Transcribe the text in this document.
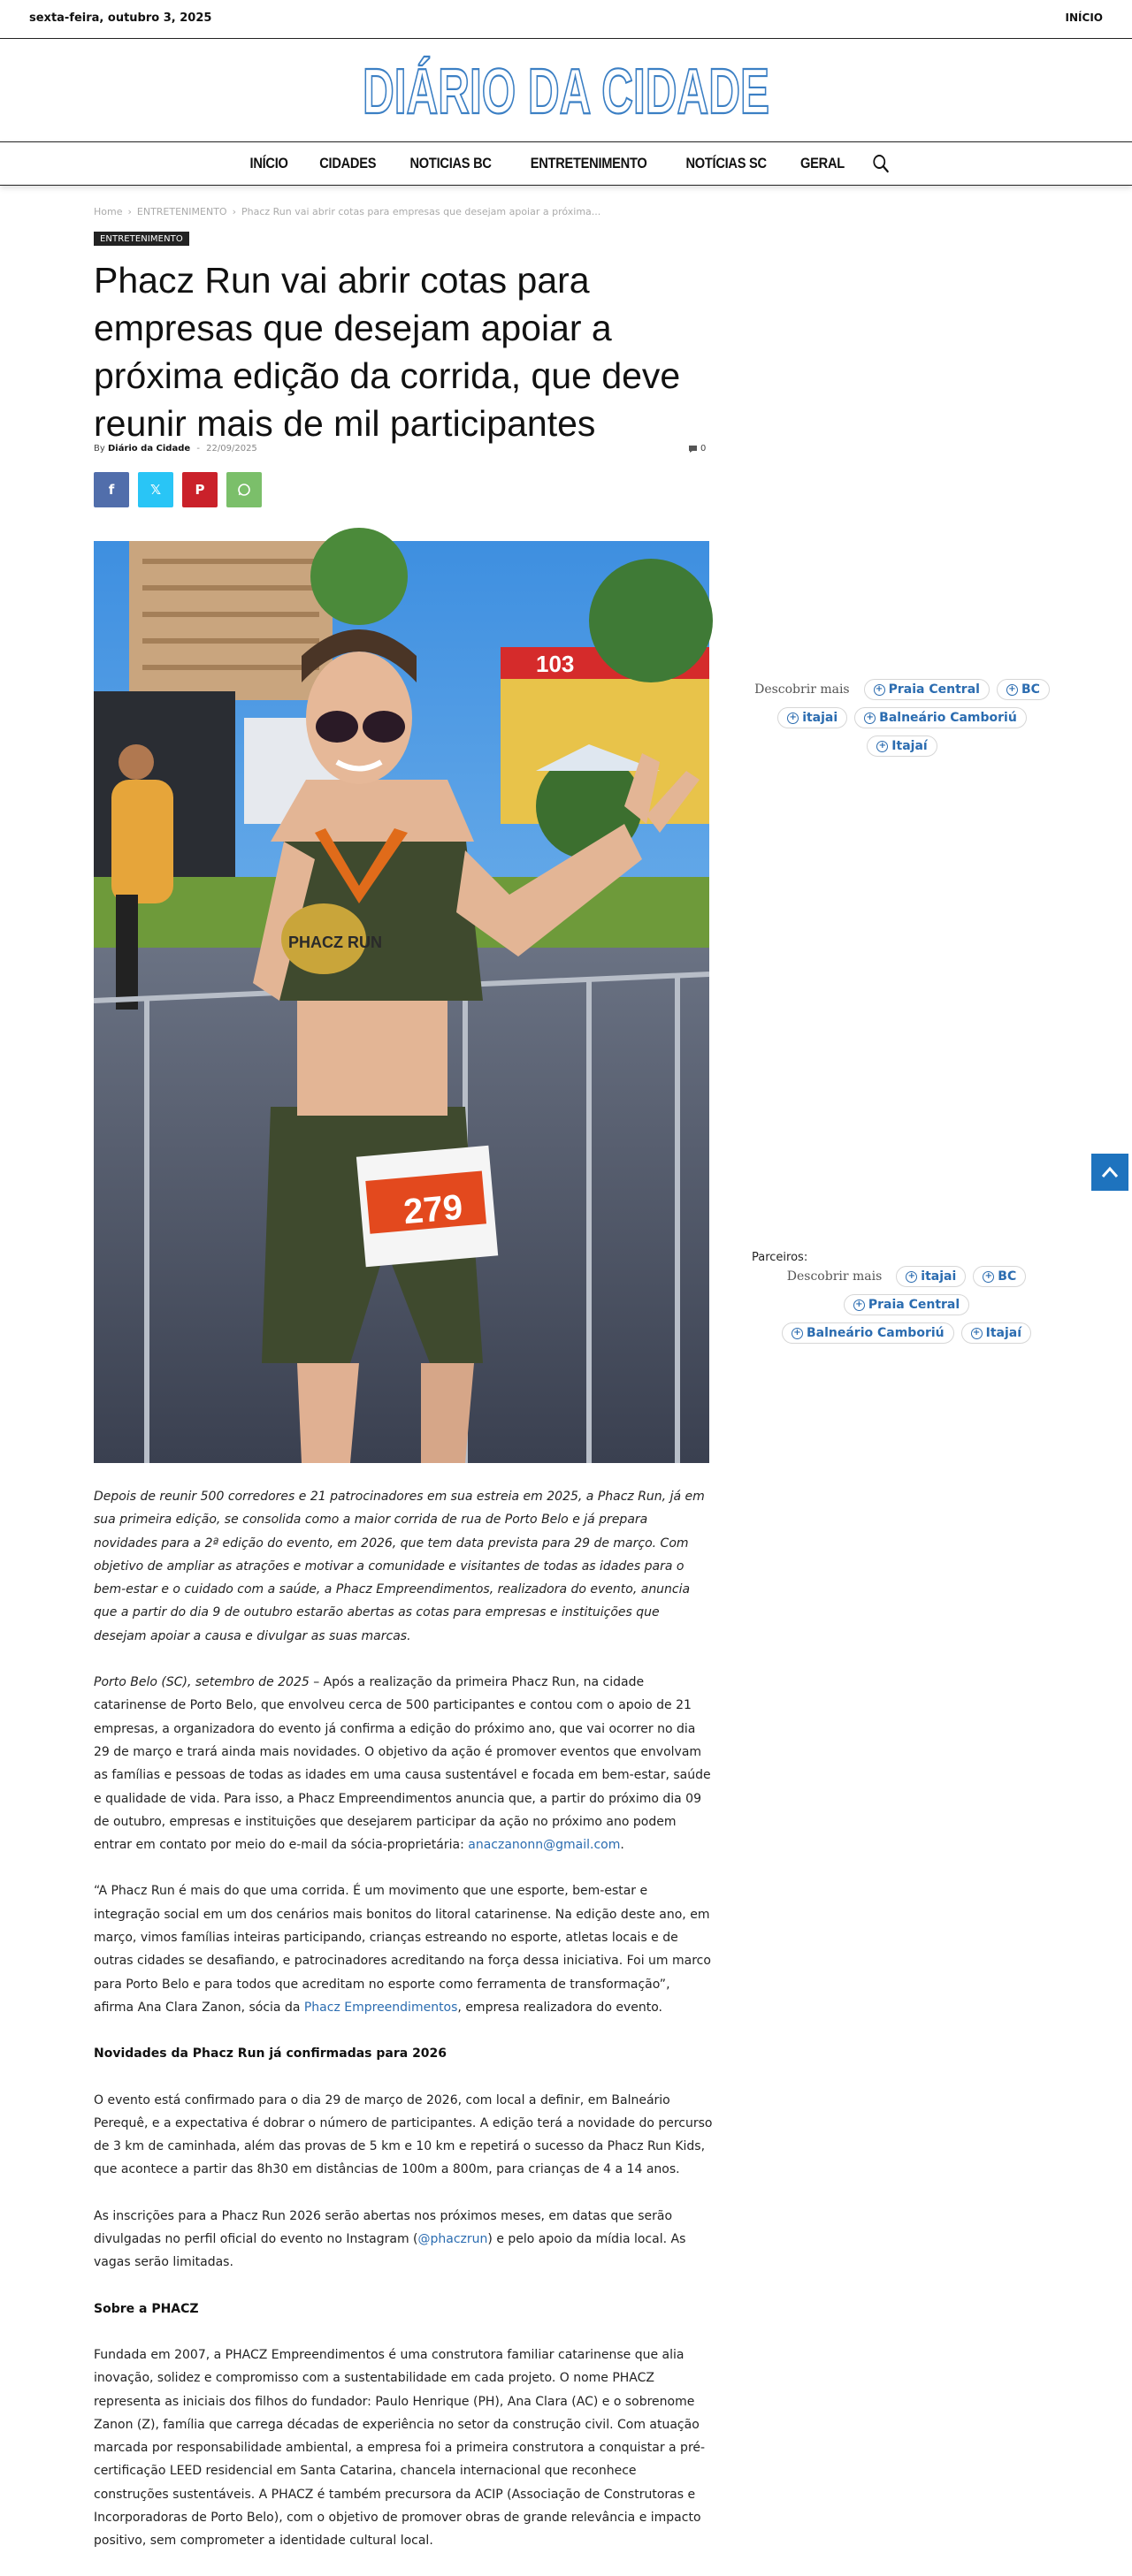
sexta-feira, outubro 3, 2025	INÍCIO
DIÁRIO DA CIDADE
INÍCIO	CIDADES	NOTICIAS BC	ENTRETENIMENTO	NOTÍCIAS SC	GERAL
Home › ENTRETENIMENTO › Phacz Run vai abrir cotas para empresas que desejam apoiar a próxima...
ENTRETENIMENTO
Phacz Run vai abrir cotas para empresas que desejam apoiar a próxima edição da corrida, que deve reunir mais de mil participantes
By Diário da Cidade - 22/09/2025	0
f	𝕏	P
103
PHACZ RUN
279

Depois de reunir 500 corredores e 21 patrocinadores em sua estreia em 2025, a Phacz Run, já em sua primeira edição, se consolida como a maior corrida de rua de Porto Belo e já prepara novidades para a 2ª edição do evento, em 2026, que tem data prevista para 29 de março. Com objetivo de ampliar as atrações e motivar a comunidade e visitantes de todas as idades para o bem-estar e o cuidado com a saúde, a Phacz Empreendimentos, realizadora do evento, anuncia que a partir do dia 9 de outubro estarão abertas as cotas para empresas e instituições que desejam apoiar a causa e divulgar as suas marcas.

Porto Belo (SC), setembro de 2025 – Após a realização da primeira Phacz Run, na cidade catarinense de Porto Belo, que envolveu cerca de 500 participantes e contou com o apoio de 21 empresas, a organizadora do evento já confirma a edição do próximo ano, que vai ocorrer no dia 29 de março e trará ainda mais novidades. O objetivo da ação é promover eventos que envolvam as famílias e pessoas de todas as idades em uma causa sustentável e focada em bem-estar, saúde e qualidade de vida. Para isso, a Phacz Empreendimentos anuncia que, a partir do próximo dia 09 de outubro, empresas e instituições que desejarem participar da ação no próximo ano podem entrar em contato por meio do e-mail da sócia-proprietária: anaczanonn@gmail.com.

“A Phacz Run é mais do que uma corrida. É um movimento que une esporte, bem-estar e integração social em um dos cenários mais bonitos do litoral catarinense. Na edição deste ano, em março, vimos famílias inteiras participando, crianças estreando no esporte, atletas locais e de outras cidades se desafiando, e patrocinadores acreditando na força dessa iniciativa. Foi um marco para Porto Belo e para todos que acreditam no esporte como ferramenta de transformação”, afirma Ana Clara Zanon, sócia da Phacz Empreendimentos, empresa realizadora do evento.

Novidades da Phacz Run já confirmadas para 2026

O evento está confirmado para o dia 29 de março de 2026, com local a definir, em Balneário Perequê, e a expectativa é dobrar o número de participantes. A edição terá a novidade do percurso de 3 km de caminhada, além das provas de 5 km e 10 km e repetirá o sucesso da Phacz Run Kids, que acontece a partir das 8h30 em distâncias de 100m a 800m, para crianças de 4 a 14 anos.

As inscrições para a Phacz Run 2026 serão abertas nos próximos meses, em datas que serão divulgadas no perfil oficial do evento no Instagram (@phaczrun) e pelo apoio da mídia local. As vagas serão limitadas.

Sobre a PHACZ

Fundada em 2007, a PHACZ Empreendimentos é uma construtora familiar catarinense que alia inovação, solidez e compromisso com a sustentabilidade em cada projeto. O nome PHACZ representa as iniciais dos filhos do fundador: Paulo Henrique (PH), Ana Clara (AC) e o sobrenome Zanon (Z), família que carrega décadas de experiência no setor da construção civil. Com atuação marcada por responsabilidade ambiental, a empresa foi a primeira construtora a conquistar a pré-certificação LEED residencial em Santa Catarina, chancela internacional que reconhece construções sustentáveis. A PHACZ é também precursora da ACIP (Associação de Construtoras e Incorporadoras de Porto Belo), com o objetivo de promover obras de grande relevância e impacto positivo, sem comprometer a identidade cultural local.

Descobrir mais	+ Praia Central	+ BC
+ itajai	+ Balneário Camboriú
+ Itajaí
Parceiros:
Descobrir mais	+ itajai	+ BC
+ Praia Central
+ Balneário Camboriú	+ Itajaí
